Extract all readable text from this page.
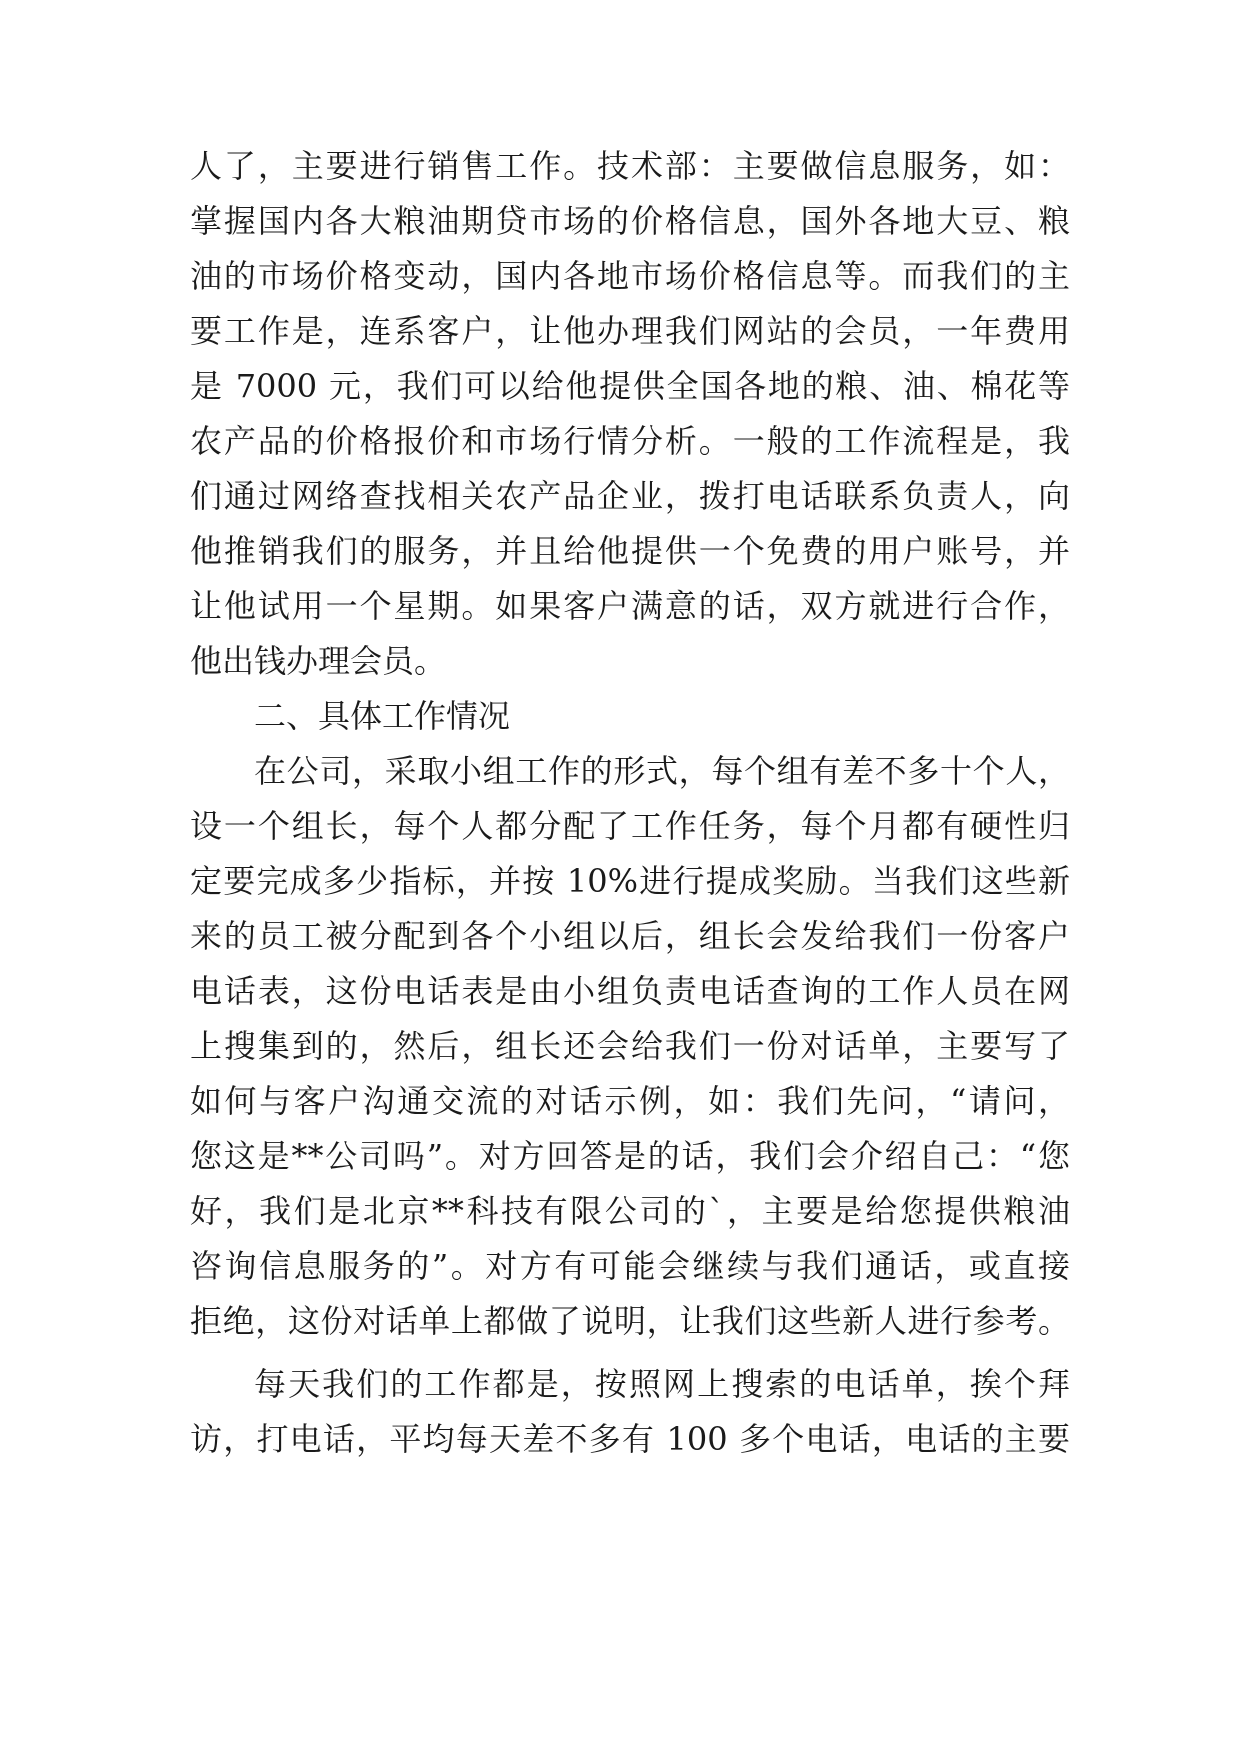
人了，主要进行销售工作。技术部：主要做信息服务，如：
掌握国内各大粮油期贷市场的价格信息，国外各地大豆、粮
油的市场价格变动，国内各地市场价格信息等。而我们的主
要工作是，连系客户，让他办理我们网站的会员，一年费用
是 7000 元，我们可以给他提供全国各地的粮、油、棉花等
农产品的价格报价和市场行情分析。一般的工作流程是，我
们通过网络查找相关农产品企业，拨打电话联系负责人，向
他推销我们的服务，并且给他提供一个免费的用户账号，并
让他试用一个星期。如果客户满意的话，双方就进行合作，
他出钱办理会员。
二、具体工作情况
在公司，采取小组工作的形式，每个组有差不多十个人，
设一个组长，每个人都分配了工作任务，每个月都有硬性归
定要完成多少指标，并按 10%进行提成奖励。当我们这些新
来的员工被分配到各个小组以后，组长会发给我们一份客户
电话表，这份电话表是由小组负责电话查询的工作人员在网
上搜集到的，然后，组长还会给我们一份对话单，主要写了
如何与客户沟通交流的对话示例，如：我们先问，“请问，
您这是**公司吗”。对方回答是的话，我们会介绍自己：“您
好，我们是北京**科技有限公司的`，主要是给您提供粮油
咨询信息服务的”。对方有可能会继续与我们通话，或直接
拒绝，这份对话单上都做了说明，让我们这些新人进行参考。
每天我们的工作都是，按照网上搜索的电话单，挨个拜
访，打电话，平均每天差不多有 100 多个电话，电话的主要
